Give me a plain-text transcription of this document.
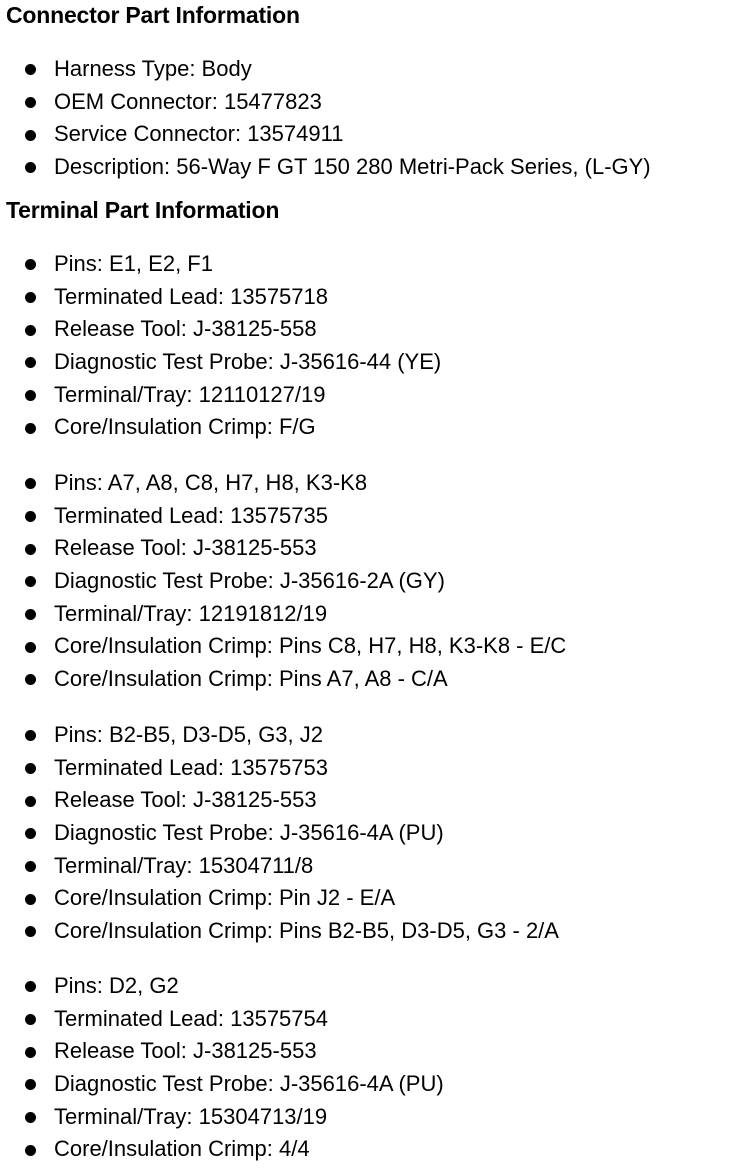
Connector Part Information
Harness Type: Body
OEM Connector: 15477823
Service Connector: 13574911
Description: 56-Way F GT 150 280 Metri-Pack Series, (L-GY)
Terminal Part Information
Pins: E1, E2, F1
Terminated Lead: 13575718
Release Tool: J-38125-558
Diagnostic Test Probe: J-35616-44 (YE)
Terminal/Tray: 12110127/19
Core/Insulation Crimp: F/G
Pins: A7, A8, C8, H7, H8, K3-K8
Terminated Lead: 13575735
Release Tool: J-38125-553
Diagnostic Test Probe: J-35616-2A (GY)
Terminal/Tray: 12191812/19
Core/Insulation Crimp: Pins C8, H7, H8, K3-K8 - E/C
Core/Insulation Crimp: Pins A7, A8 - C/A
Pins: B2-B5, D3-D5, G3, J2
Terminated Lead: 13575753
Release Tool: J-38125-553
Diagnostic Test Probe: J-35616-4A (PU)
Terminal/Tray: 15304711/8
Core/Insulation Crimp: Pin J2 - E/A
Core/Insulation Crimp: Pins B2-B5, D3-D5, G3 - 2/A
Pins: D2, G2
Terminated Lead: 13575754
Release Tool: J-38125-553
Diagnostic Test Probe: J-35616-4A (PU)
Terminal/Tray: 15304713/19
Core/Insulation Crimp: 4/4
